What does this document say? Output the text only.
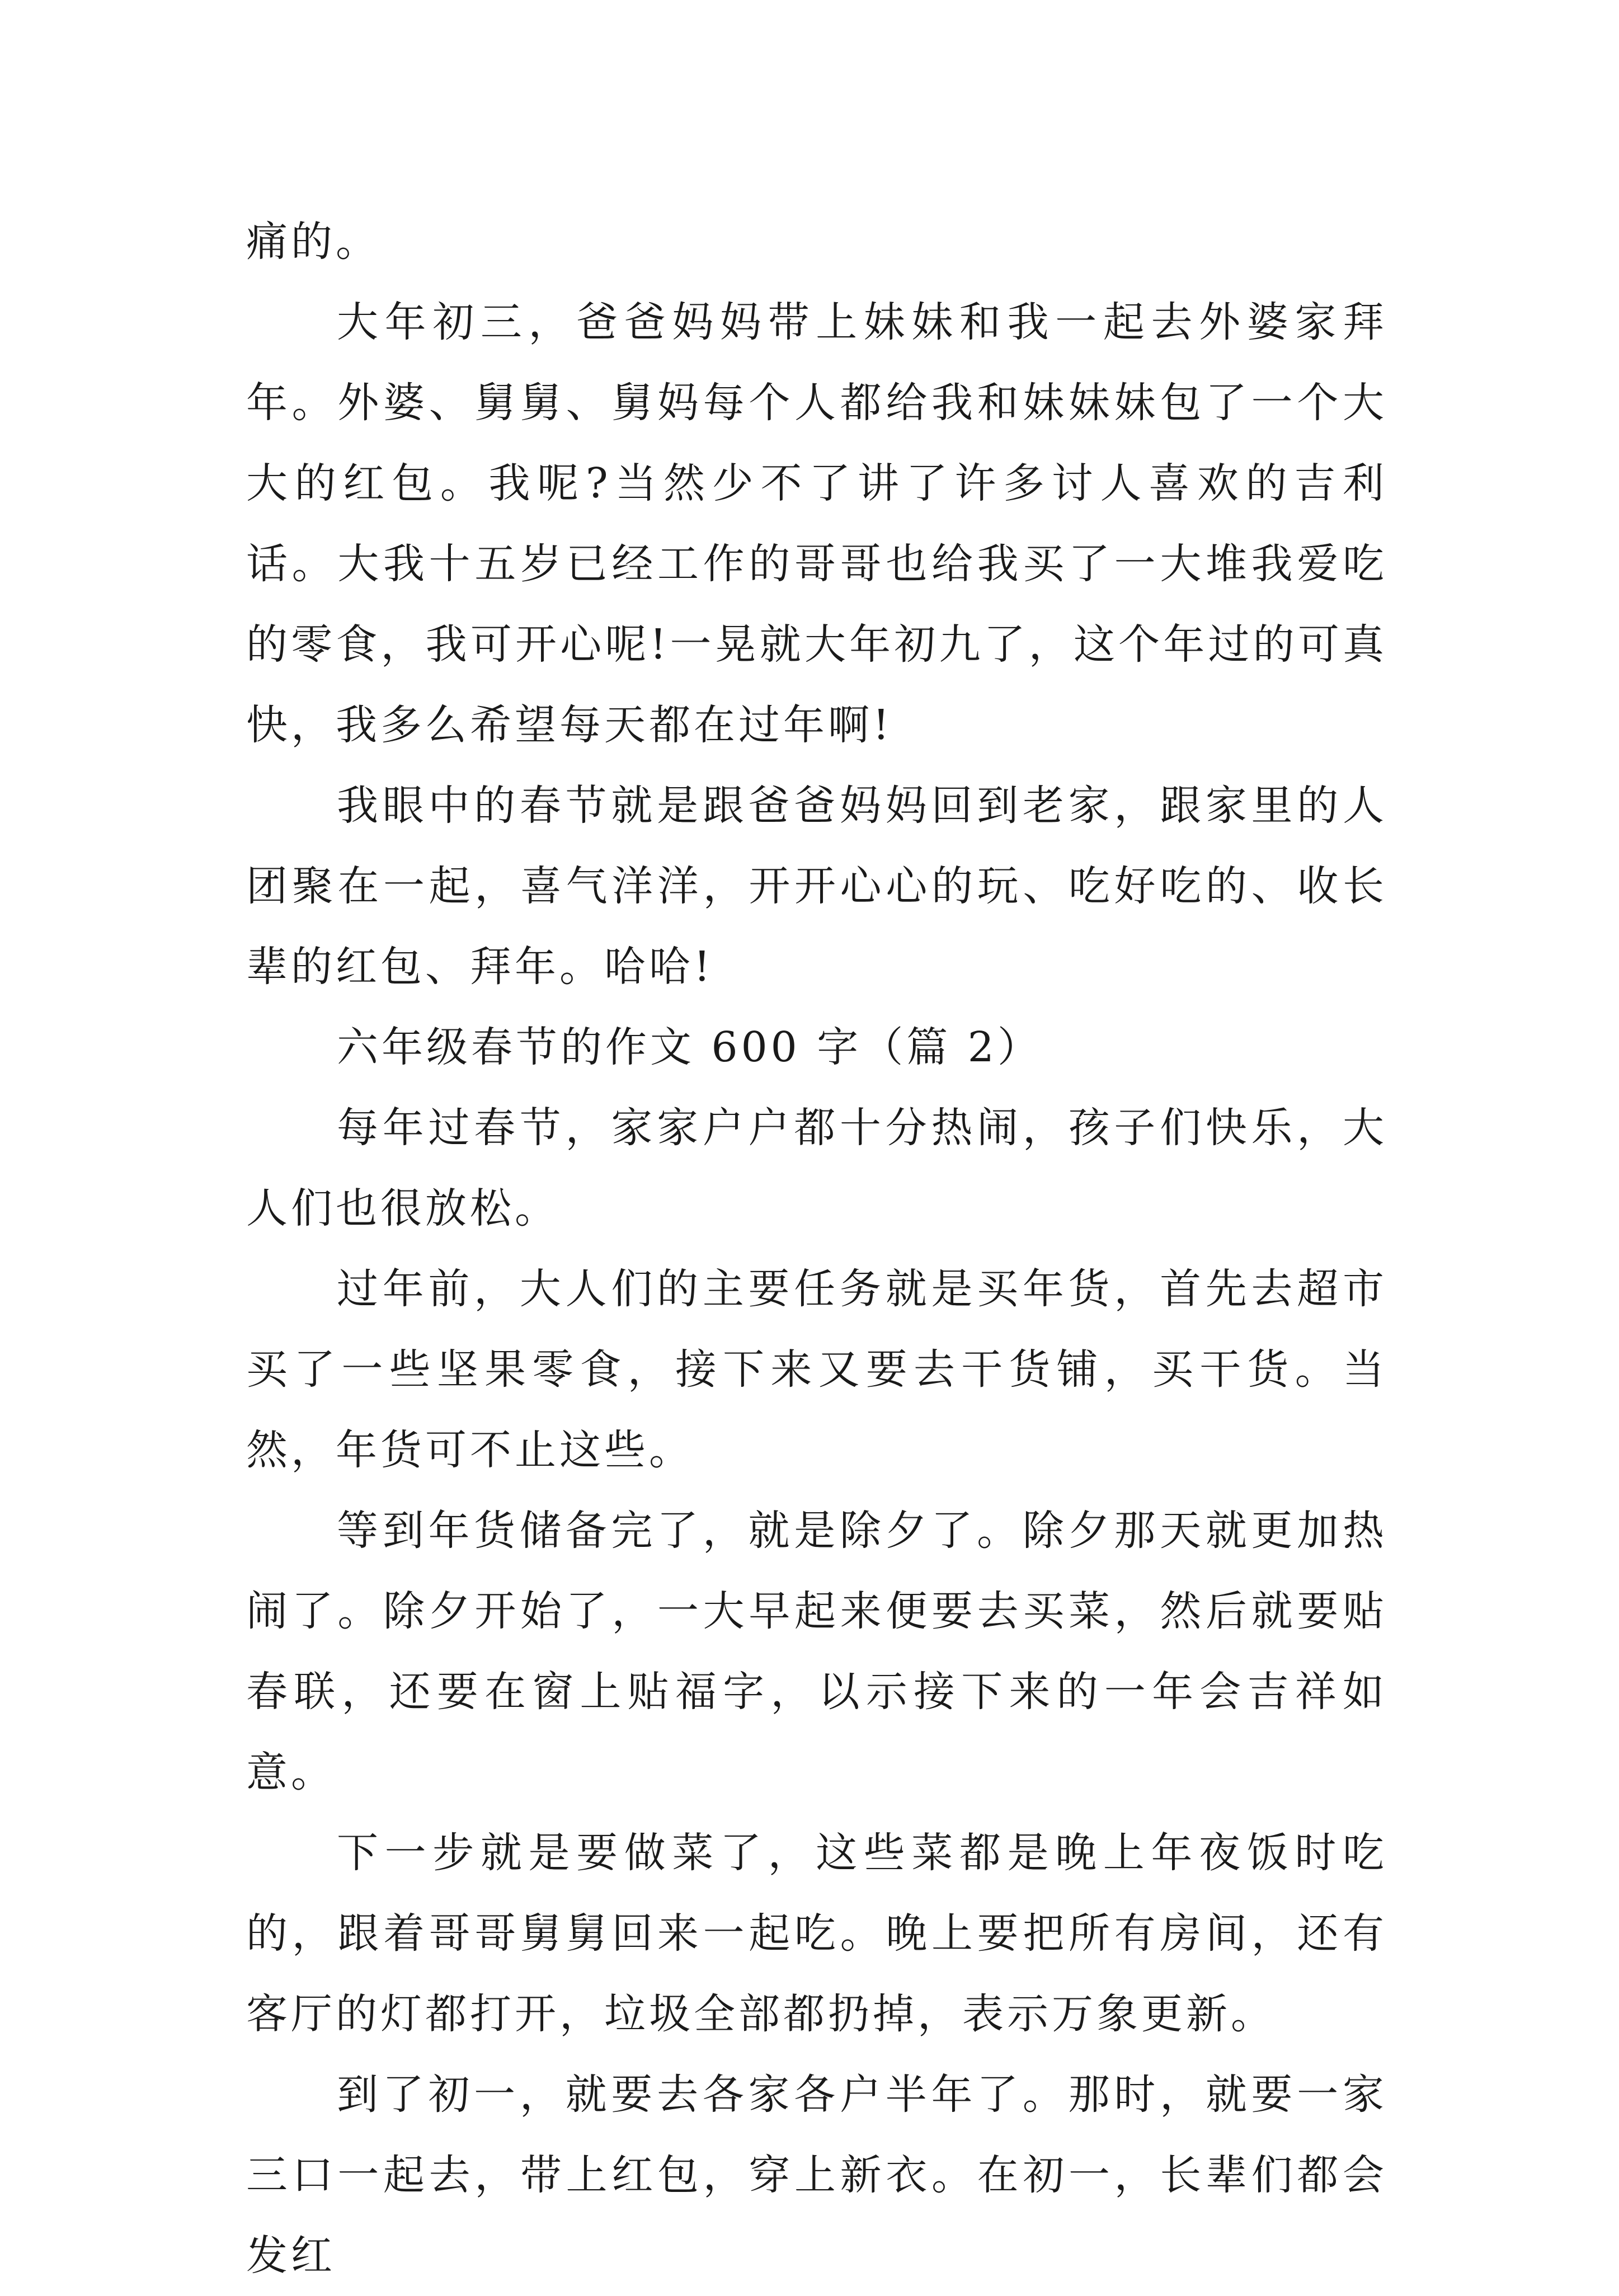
痛的。

大年初三，爸爸妈妈带上妹妹和我一起去外婆家拜年。外婆、舅舅、舅妈每个人都给我和妹妹妹包了一个大大的红包。我呢?当然少不了讲了许多讨人喜欢的吉利话。大我十五岁已经工作的哥哥也给我买了一大堆我爱吃的零食，我可开心呢!一晃就大年初九了，这个年过的可真快，我多么希望每天都在过年啊!

我眼中的春节就是跟爸爸妈妈回到老家，跟家里的人团聚在一起，喜气洋洋，开开心心的玩、吃好吃的、收长辈的红包、拜年。哈哈!

六年级春节的作文 600 字（篇 2）

每年过春节，家家户户都十分热闹，孩子们快乐，大人们也很放松。

过年前，大人们的主要任务就是买年货，首先去超市买了一些坚果零食，接下来又要去干货铺，买干货。当然，年货可不止这些。

等到年货储备完了，就是除夕了。除夕那天就更加热闹了。除夕开始了，一大早起来便要去买菜，然后就要贴春联，还要在窗上贴福字，以示接下来的一年会吉祥如意。

下一步就是要做菜了，这些菜都是晚上年夜饭时吃的，跟着哥哥舅舅回来一起吃。晚上要把所有房间，还有客厅的灯都打开，垃圾全部都扔掉，表示万象更新。

到了初一，就要去各家各户半年了。那时，就要一家三口一起去，带上红包，穿上新衣。在初一，长辈们都会发红
